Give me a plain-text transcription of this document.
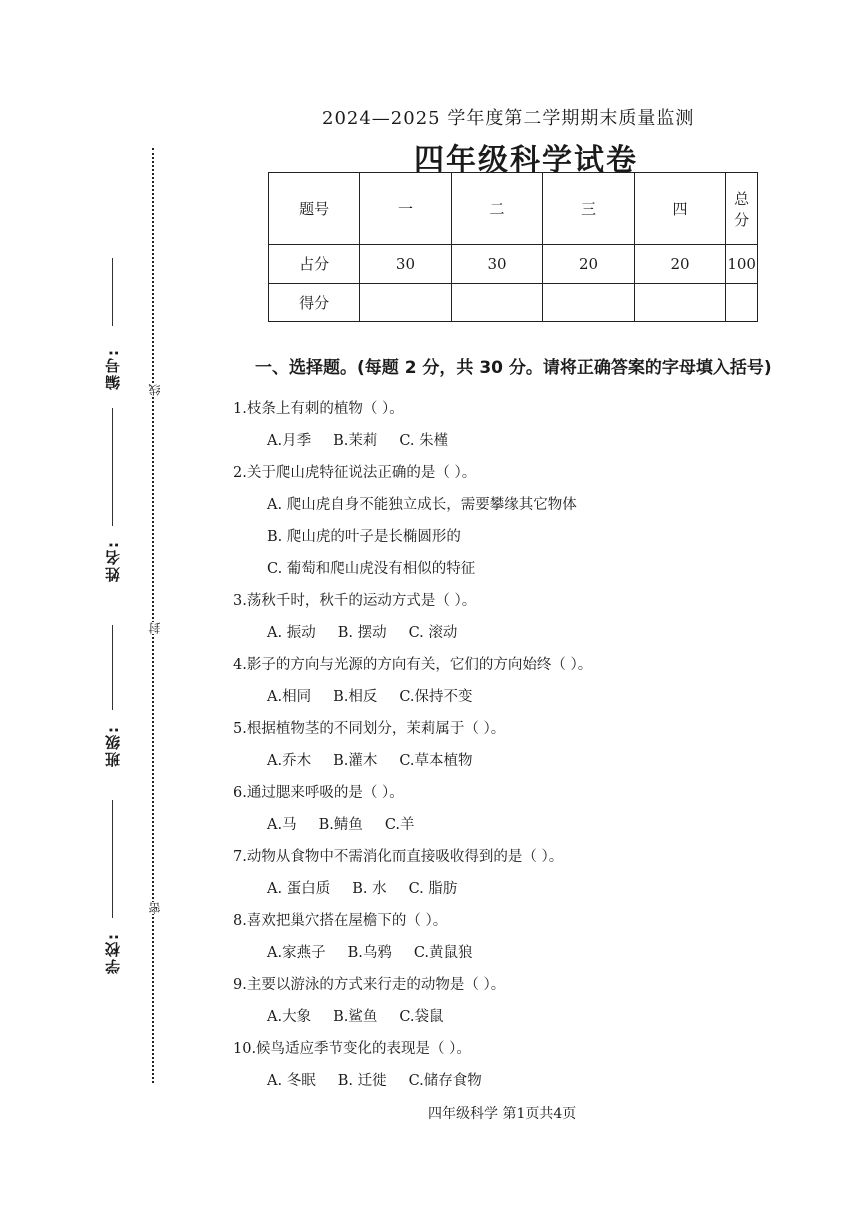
编号:
姓名:
班级:
学校:
线
封
密
2024—2025 学年度第二学期期末质量监测
四年级科学试卷
题号	一	二	三	四	总分
占分	30	30	20	20	100
得分					
一、选择题。(每题 2 分，共 30 分。请将正确答案的字母填入括号)
1.枝条上有刺的植物（ ）。
A.月季 B.茉莉 C. 朱槿
2.关于爬山虎特征说法正确的是（ ）。
A. 爬山虎自身不能独立成长，需要攀缘其它物体
B. 爬山虎的叶子是长椭圆形的
C. 葡萄和爬山虎没有相似的特征
3.荡秋千时，秋千的运动方式是（ ）。
A. 振动 B. 摆动 C. 滚动
4.影子的方向与光源的方向有关，它们的方向始终（ ）。
A.相同 B.相反 C.保持不变
5.根据植物茎的不同划分，茉莉属于（ ）。
A.乔木 B.灌木 C.草本植物
6.通过腮来呼吸的是（ ）。
A.马 B.鲭鱼 C.羊
7.动物从食物中不需消化而直接吸收得到的是（ ）。
A. 蛋白质 B. 水 C. 脂肪
8.喜欢把巢穴搭在屋檐下的（ ）。
A.家燕子 B.乌鸦 C.黄鼠狼
9.主要以游泳的方式来行走的动物是（ ）。
A.大象 B.鲨鱼 C.袋鼠
10.候鸟适应季节变化的表现是（ ）。
A. 冬眠 B. 迁徙 C.储存食物
四年级科学 第1页共4页
